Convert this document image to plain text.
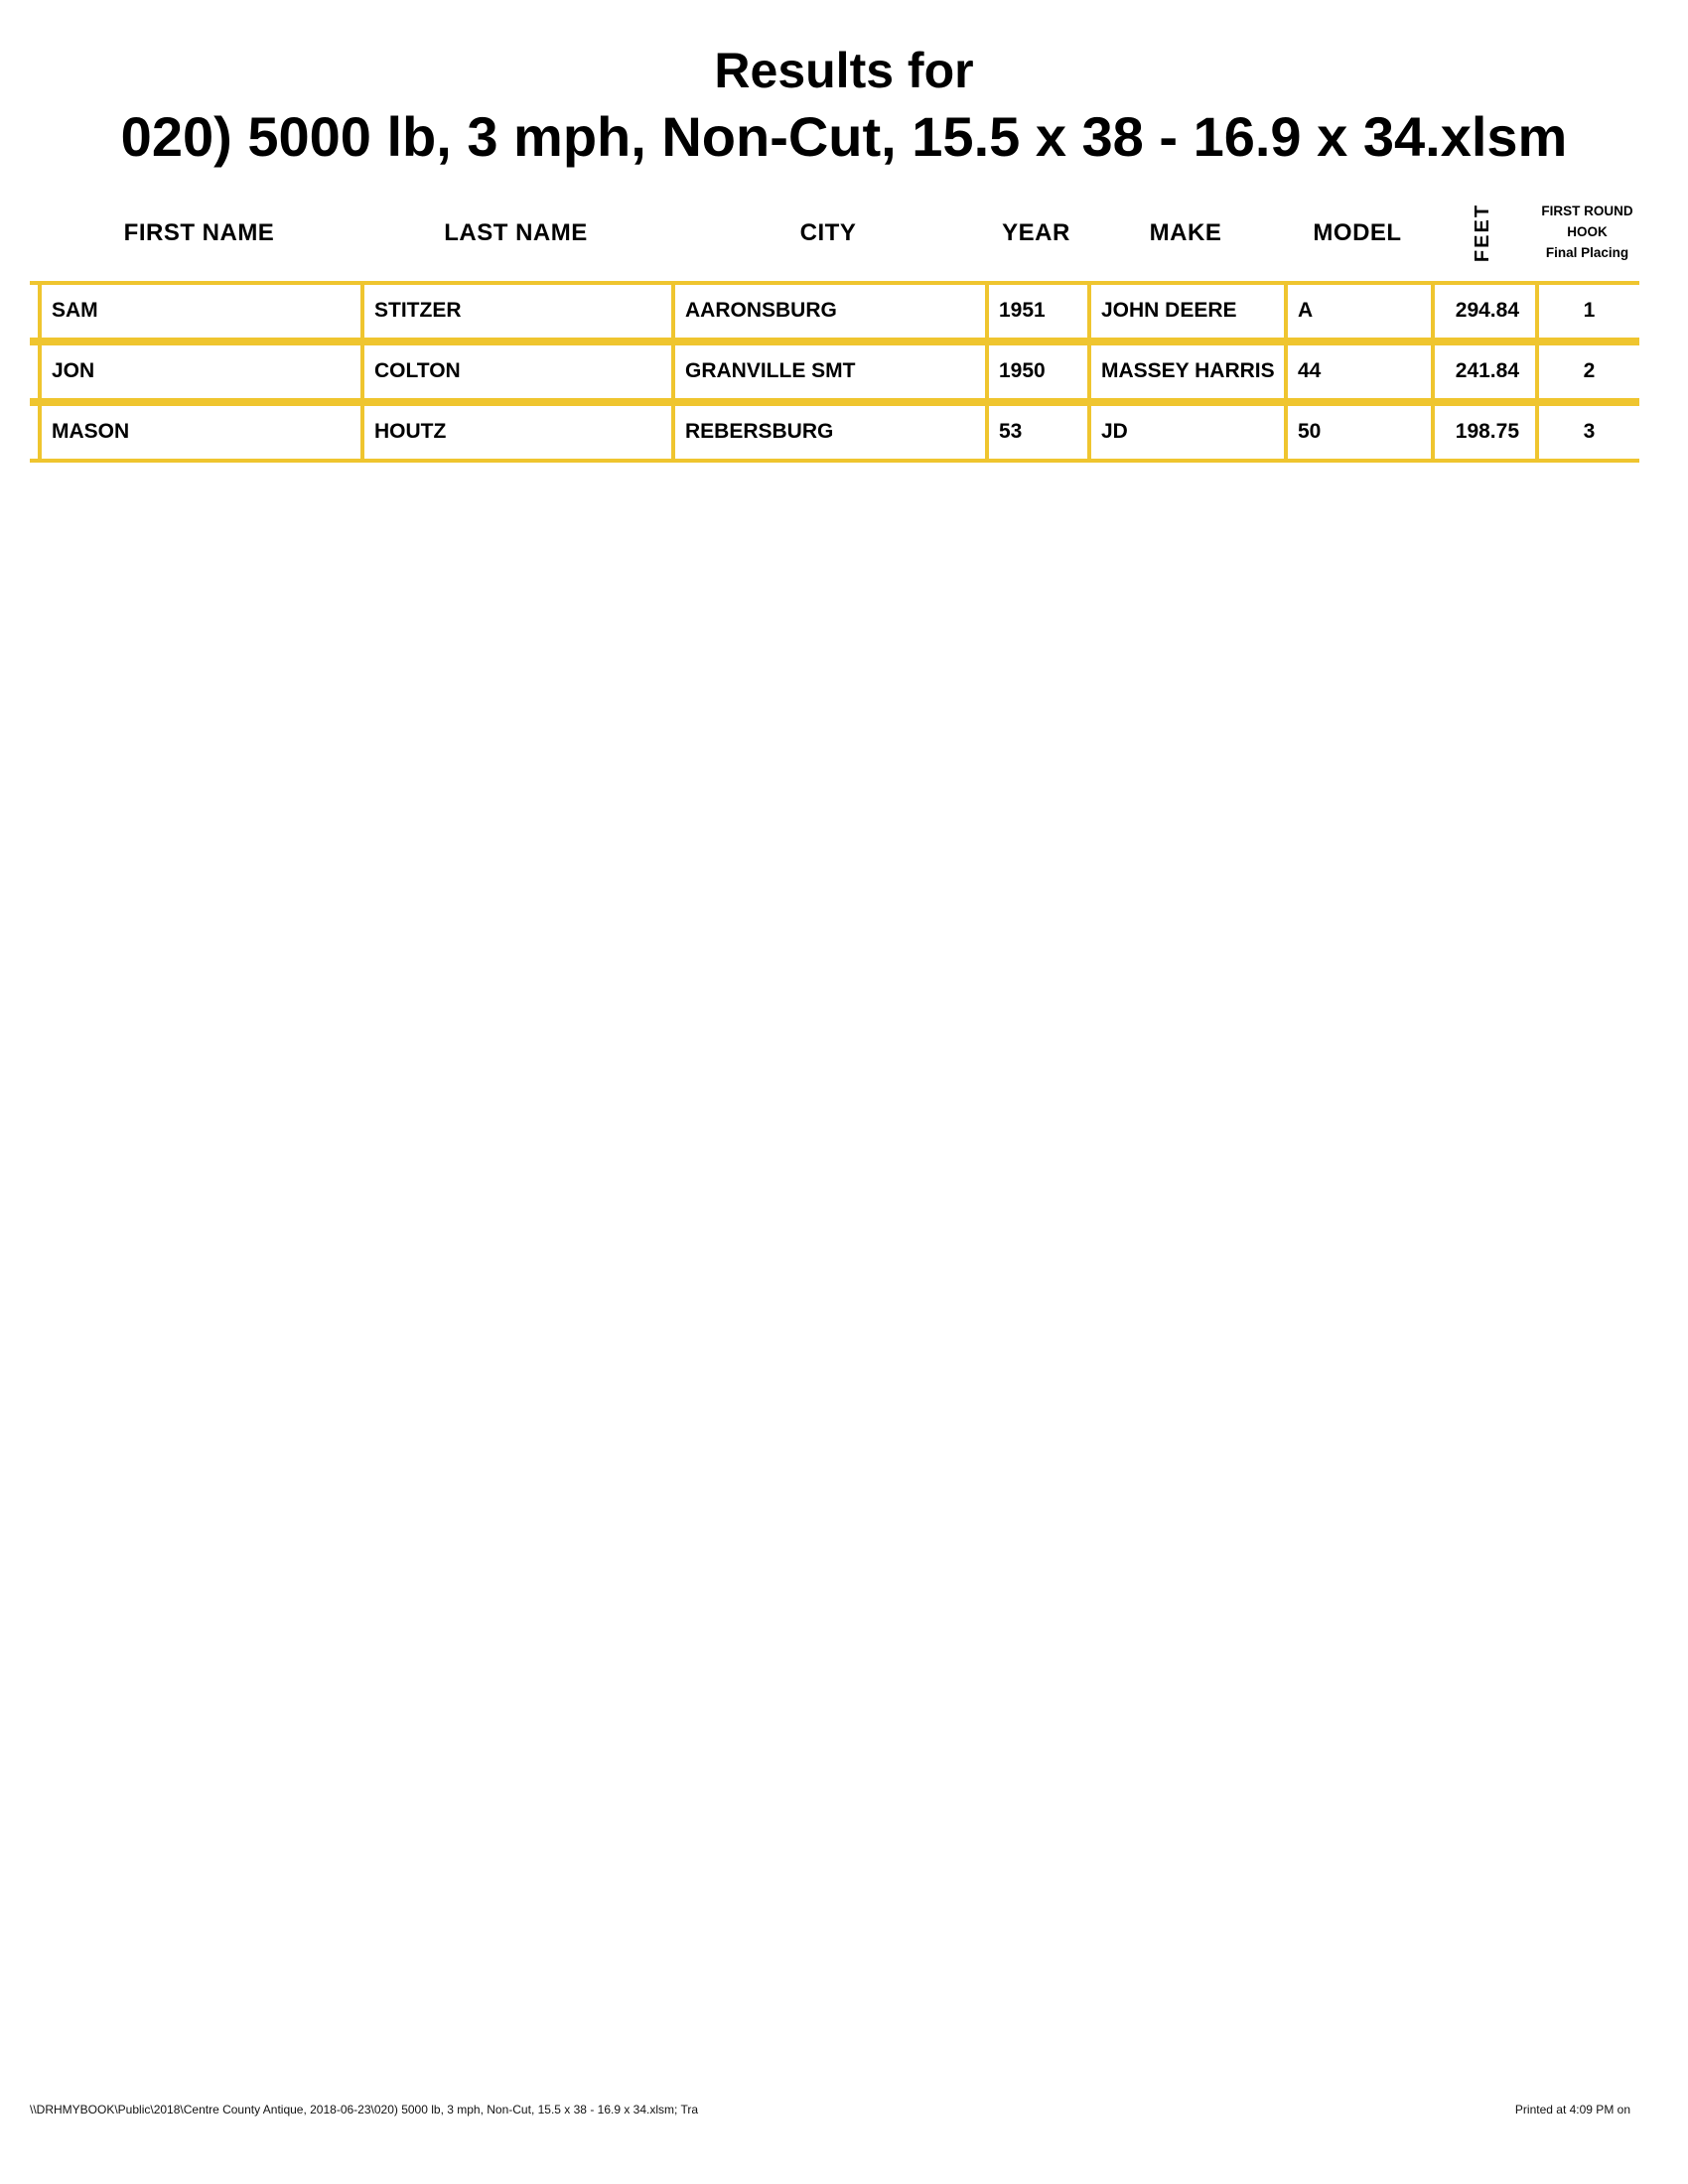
Results for
020) 5000 lb, 3 mph, Non-Cut, 15.5 x 38 - 16.9 x 34.xlsm
FIRST NAME	LAST NAME	CITY	YEAR	MAKE	MODEL	FEET	FIRST ROUND
HOOK
Final Placing
SAM	STITZER	AARONSBURG	1951	JOHN DEERE	A	294.84	1
JON	COLTON	GRANVILLE SMT	1950	MASSEY HARRIS	44	241.84	2
MASON	HOUTZ	REBERSBURG	53	JD	50	198.75	3
\\DRHMYBOOK\Public\2018\Centre County Antique, 2018-06-23\020) 5000 lb, 3 mph, Non-Cut, 15.5 x 38 - 16.9 x 34.xlsm; Tra	Printed at 4:09 PM on
